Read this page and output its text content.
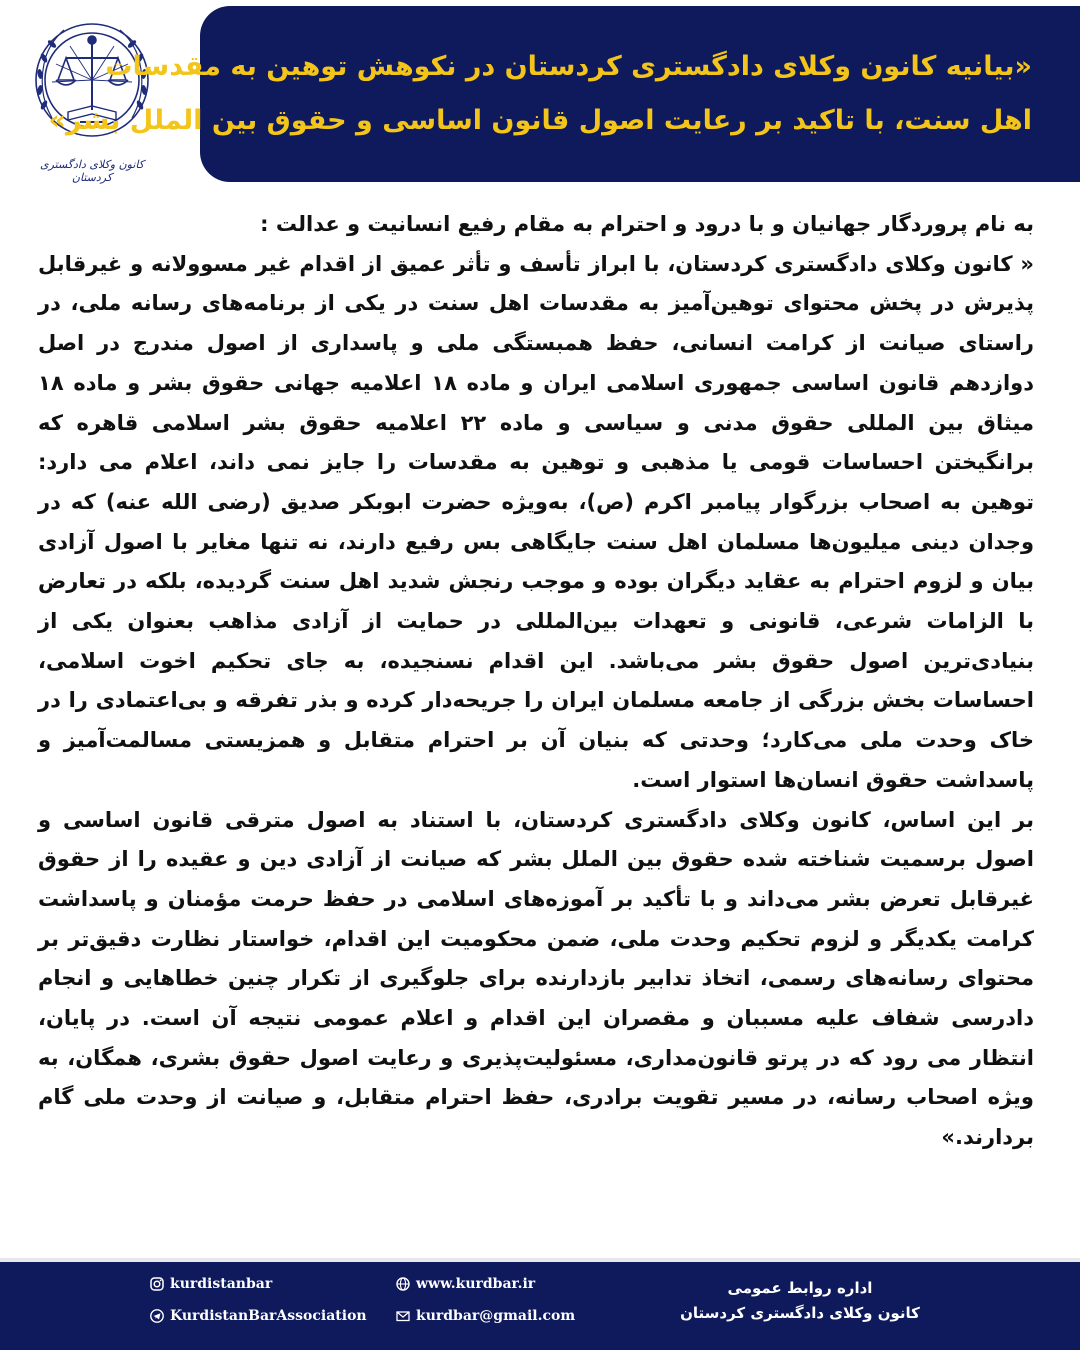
کانون وکلای دادگستری کردستان
«بیانیه کانون وکلای دادگستری کردستان در نکوهش توهین به مقدسات
اهل سنت، با تاکید بر رعایت اصول قانون اساسی و حقوق بین الملل بشر»

به نام پروردگار جهانیان و با درود و احترام به مقام رفیع انسانیت و عدالت :

« کانون وکلای دادگستری کردستان، با ابراز تأسف و تأثر عمیق از اقدام غیر مسوولانه و غیرقابل پذیرش در پخش محتوای توهین‌آمیز به مقدسات اهل سنت در یکی از برنامه‌های رسانه ملی، در راستای صیانت از کرامت انسانی، حفظ همبستگی ملی و پاسداری از اصول مندرج در اصل دوازدهم قانون اساسی جمهوری اسلامی ایران و ماده ۱۸ اعلامیه جهانی حقوق بشر و ماده ۱۸ میثاق بین المللی حقوق مدنی و سیاسی و ماده ۲۲ اعلامیه حقوق بشر اسلامی قاهره که برانگیختن احساسات قومی یا مذهبی و توهین به مقدسات را جایز نمی داند، اعلام می دارد: توهین به اصحاب بزرگوار پیامبر اکرم (ص)، به‌ویژه حضرت ابوبکر صدیق (رضی الله عنه) که در وجدان دینی میلیون‌ها مسلمان اهل سنت جایگاهی بس رفیع دارند، نه تنها مغایر با اصول آزادی بیان و لزوم احترام به عقاید دیگران بوده و موجب رنجش شدید اهل سنت گردیده، بلکه در تعارض با الزامات شرعی، قانونی و تعهدات بین‌المللی در حمایت از آزادی مذاهب بعنوان یکی از بنیادی‌ترین اصول حقوق بشر می‌باشد. این اقدام نسنجیده، به جای تحکیم اخوت اسلامی، احساسات بخش بزرگی از جامعه مسلمان ایران را جریحه‌دار کرده و بذر تفرقه و بی‌اعتمادی را در خاک وحدت ملی می‌کارد؛ وحدتی که بنیان آن بر احترام متقابل و همزیستی مسالمت‌آمیز و پاسداشت حقوق انسان‌ها استوار است.

بر این اساس، کانون وکلای دادگستری کردستان، با استناد به اصول مترقی قانون اساسی و اصول برسمیت شناخته شده حقوق بین الملل بشر که صیانت از آزادی دین و عقیده را از حقوق غیرقابل تعرض بشر می‌داند و با تأکید بر آموزه‌های اسلامی در حفظ حرمت مؤمنان و پاسداشت کرامت یکدیگر و لزوم تحکیم وحدت ملی، ضمن محکومیت این اقدام، خواستار نظارت دقیق‌تر بر محتوای رسانه‌های رسمی، اتخاذ تدابیر بازدارنده برای جلوگیری از تکرار چنین خطاهایی و انجام دادرسی شفاف علیه مسببان و مقصران این اقدام و اعلام عمومی نتیجه آن است. در پایان، انتظار می رود که در پرتو قانون‌مداری، مسئولیت‌پذیری و رعایت اصول حقوق بشری، همگان، به ویژه اصحاب رسانه، در مسیر تقویت برادری، حفظ احترام متقابل، و صیانت از وحدت ملی گام بردارند.»

kurdistanbar
KurdistanBarAssociation
www.kurdbar.ir
kurdbar@gmail.com
اداره روابط عمومی
کانون وکلای دادگستری کردستان
